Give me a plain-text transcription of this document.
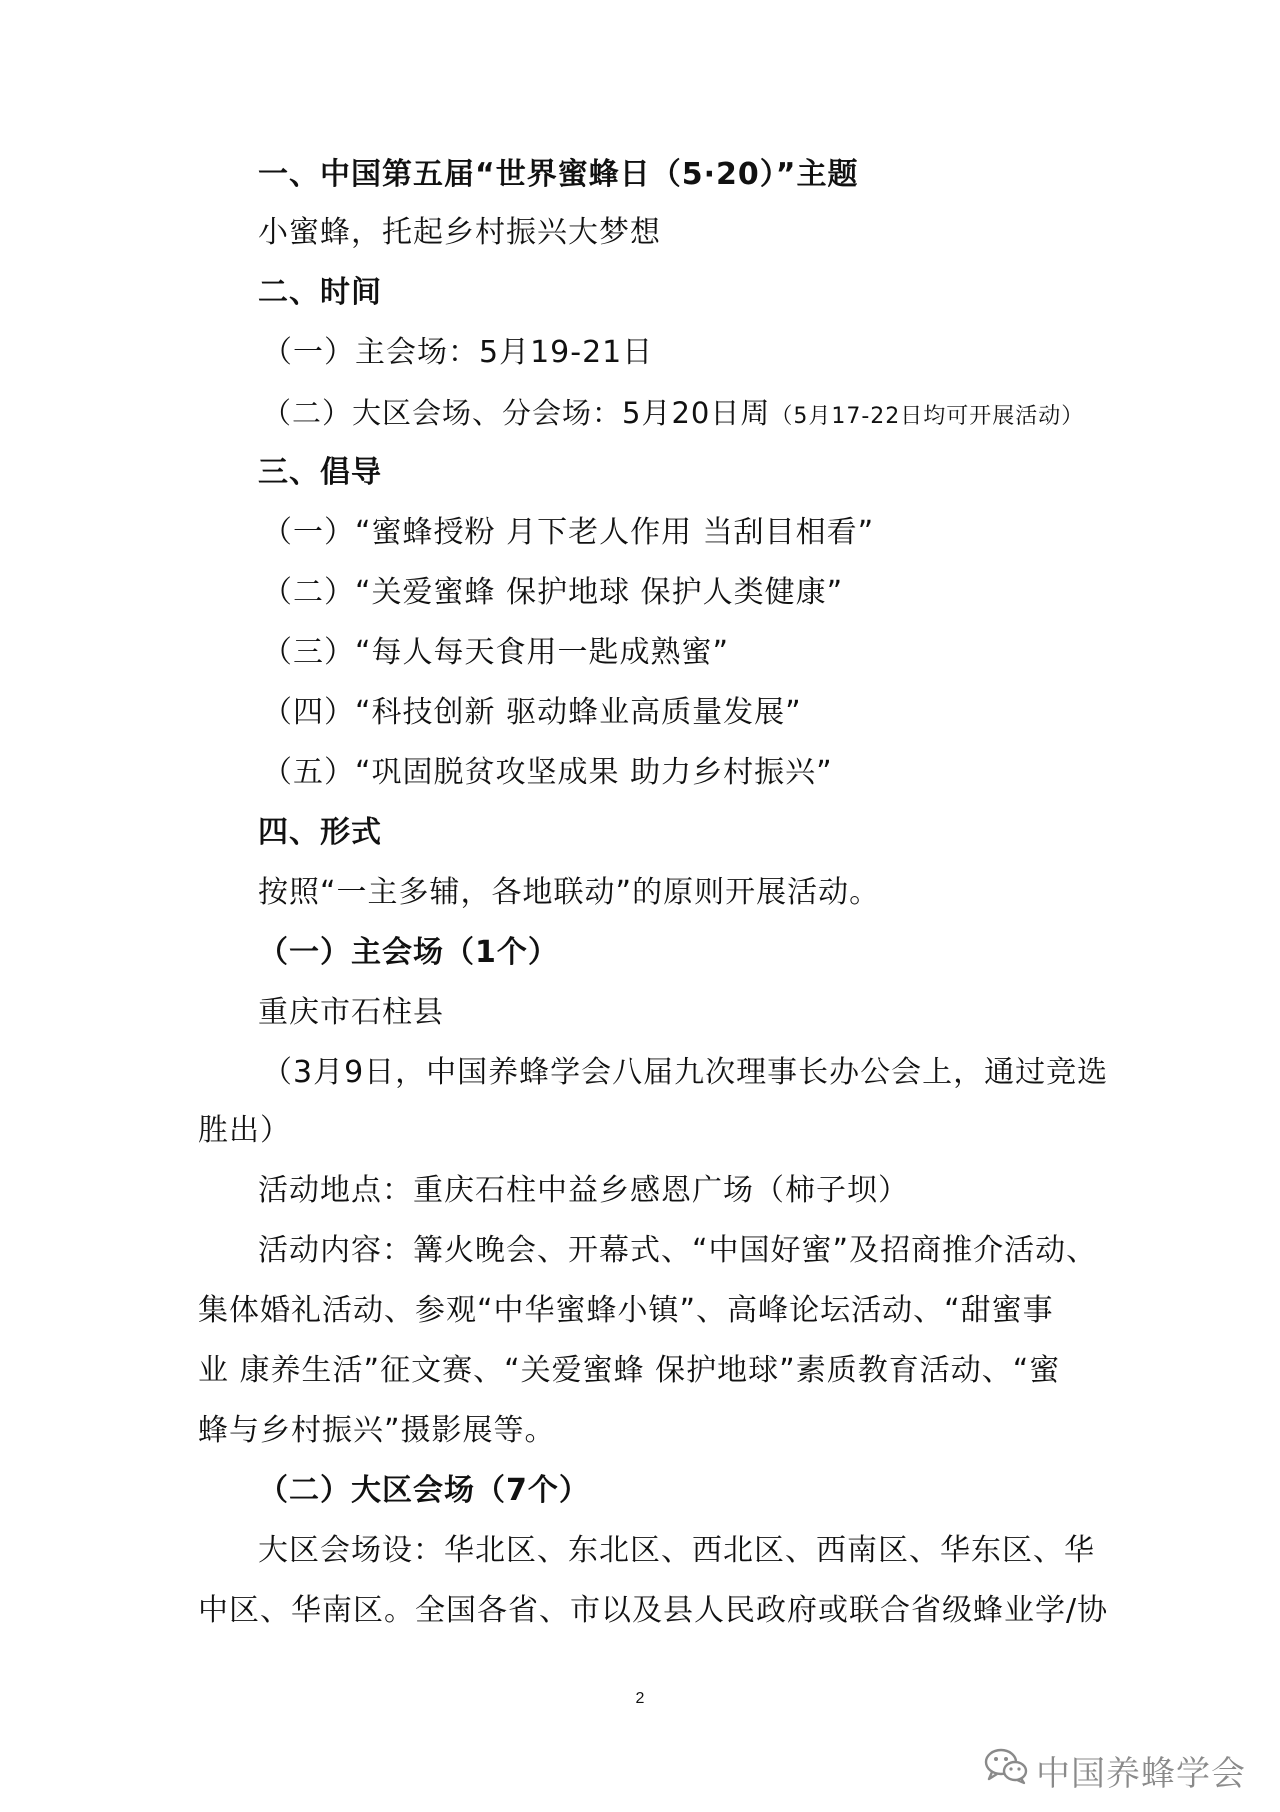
一、中国第五届“世界蜜蜂日（5·20）”主题
小蜜蜂，托起乡村振兴大梦想
二、时间
（一）主会场：5月19-21日
（二）大区会场、分会场：5月20日周（5月17-22日均可开展活动）
三、倡导
（一）“蜜蜂授粉 月下老人作用 当刮目相看”
（二）“关爱蜜蜂 保护地球 保护人类健康”
（三）“每人每天食用一匙成熟蜜”
（四）“科技创新 驱动蜂业高质量发展”
（五）“巩固脱贫攻坚成果 助力乡村振兴”
四、形式
按照“一主多辅，各地联动”的原则开展活动。
（一）主会场（1个）
重庆市石柱县
（3月9日，中国养蜂学会八届九次理事长办公会上，通过竞选
胜出）
活动地点：重庆石柱中益乡感恩广场（柿子坝）
活动内容：篝火晚会、开幕式、“中国好蜜”及招商推介活动、
集体婚礼活动、参观“中华蜜蜂小镇”、高峰论坛活动、“甜蜜事
业 康养生活”征文赛、“关爱蜜蜂 保护地球”素质教育活动、“蜜
蜂与乡村振兴”摄影展等。
（二）大区会场（7个）
大区会场设：华北区、东北区、西北区、西南区、华东区、华
中区、华南区。全国各省、市以及县人民政府或联合省级蜂业学/协
2
中国养蜂学会
